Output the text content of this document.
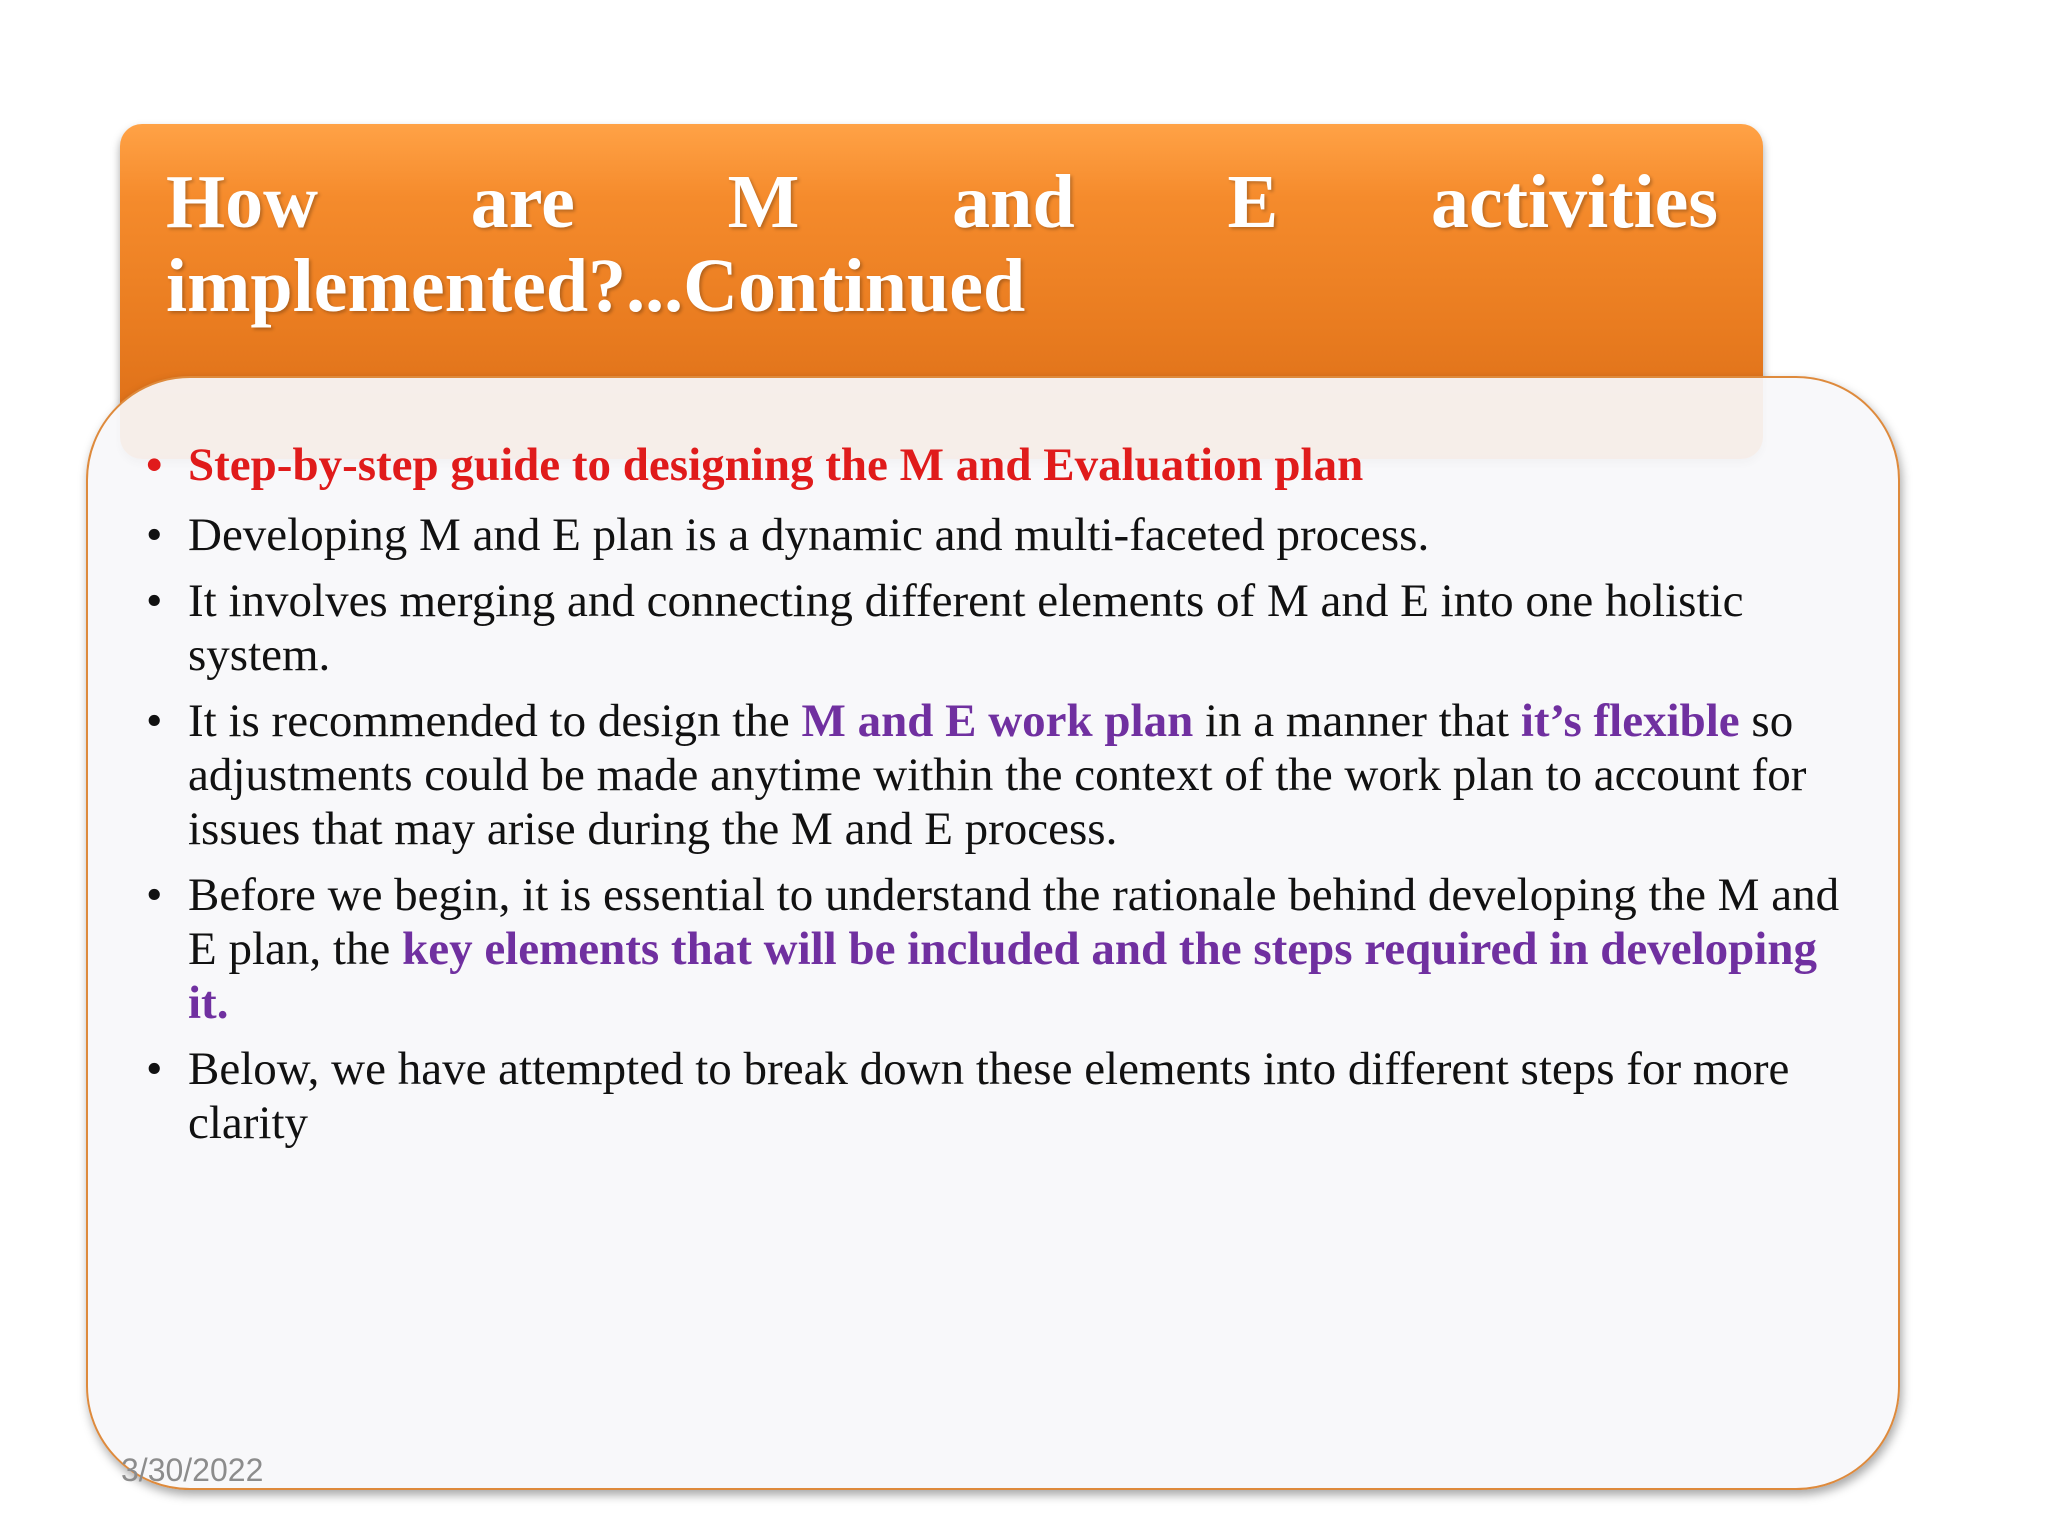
How are M and E activities implemented?...Continued
• Step-by-step guide to designing the M and Evaluation plan
• Developing M and E plan is a dynamic and multi-faceted process.
• It involves merging and connecting different elements of M and E into one holistic system.
• It is recommended to design the M and E work plan in a manner that it’s flexible so adjustments could be made anytime within the context of the work plan to account for issues that may arise during the M and E process.
• Before we begin, it is essential to understand the rationale behind developing the M and E plan, the key elements that will be included and the steps required in developing it.
• Below, we have attempted to break down these elements into different steps for more clarity
3/30/2022
